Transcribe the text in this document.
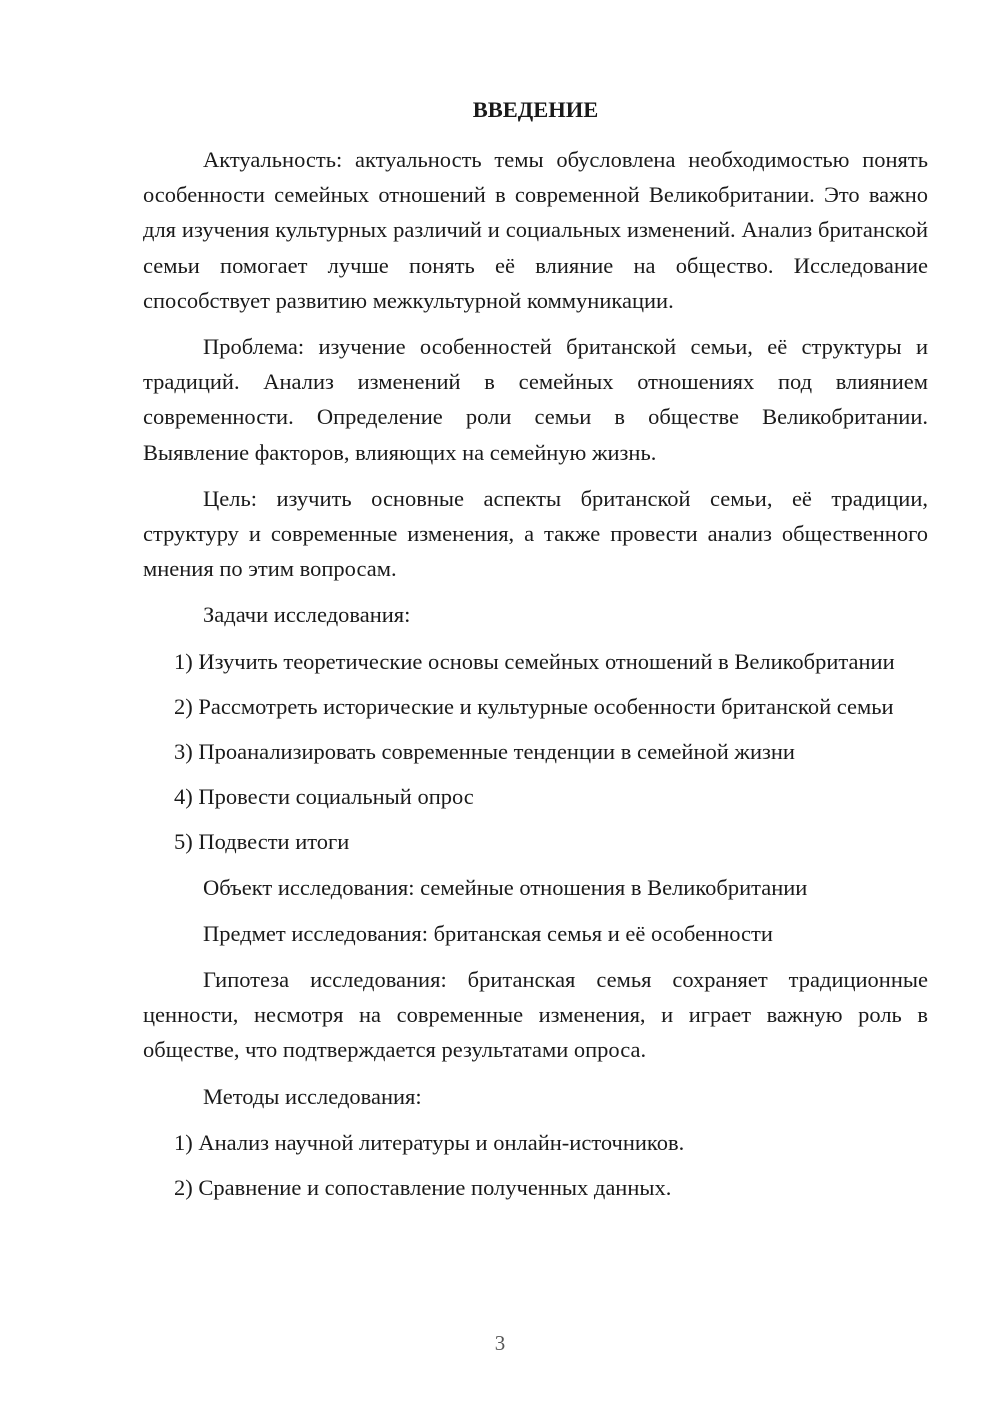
ВВЕДЕНИЕ
Актуальность: актуальность темы обусловлена необходимостью понять особенности семейных отношений в современной Великобритании. Это важно для изучения культурных различий и социальных изменений. Анализ британской семьи помогает лучше понять её влияние на общество. Исследование способствует развитию межкультурной коммуникации.
Проблема: изучение особенностей британской семьи, её структуры и традиций. Анализ изменений в семейных отношениях под влиянием современности. Определение роли семьи в обществе Великобритании. Выявление факторов, влияющих на семейную жизнь.
Цель: изучить основные аспекты британской семьи, её традиции, структуру и современные изменения, а также провести анализ общественного мнения по этим вопросам.
Задачи исследования:
1) Изучить теоретические основы семейных отношений в Великобритании
2) Рассмотреть исторические и культурные особенности британской семьи
3) Проанализировать современные тенденции в семейной жизни
4) Провести социальный опрос
5) Подвести итоги
Объект исследования: семейные отношения в Великобритании
Предмет исследования: британская семья и её особенности
Гипотеза исследования: британская семья сохраняет традиционные ценности, несмотря на современные изменения, и играет важную роль в обществе, что подтверждается результатами опроса.
Методы исследования:
1) Анализ научной литературы и онлайн-источников.
2) Сравнение и сопоставление полученных данных.
3
